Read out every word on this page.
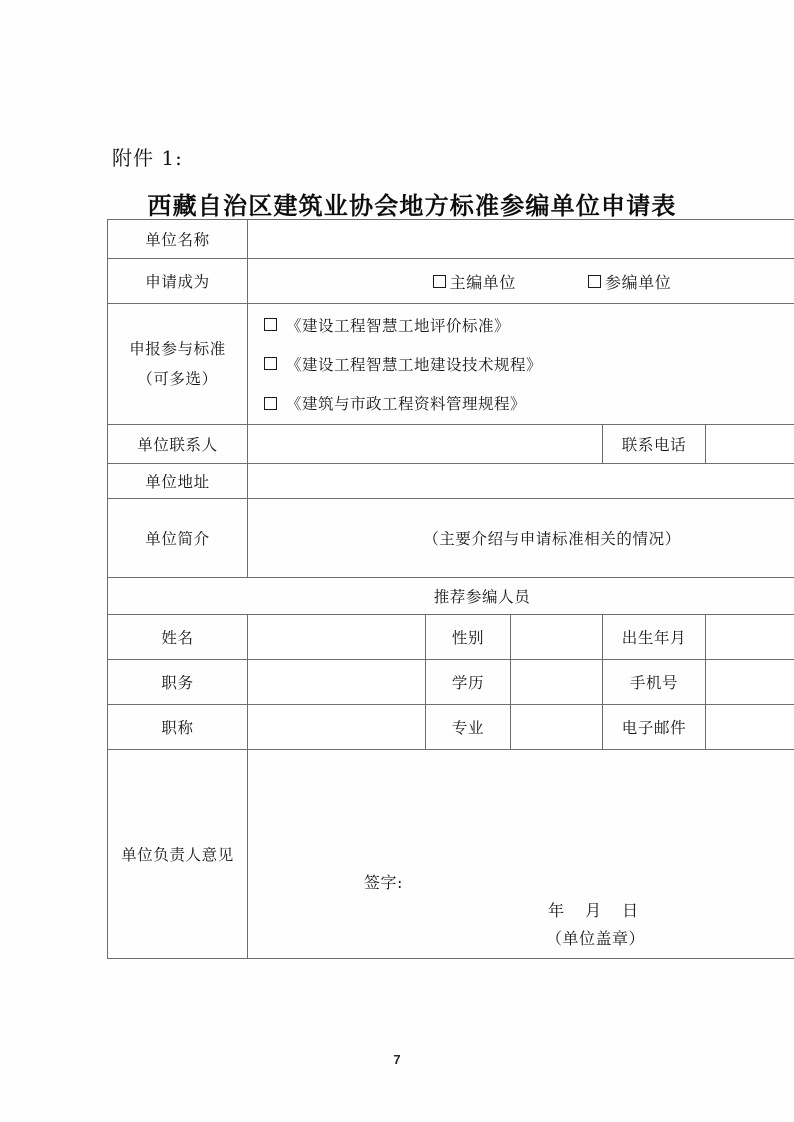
附件 1:
西藏自治区建筑业协会地方标准参编单位申请表
单位名称					
申请成为	主编单位 参编单位				

申报参与标准
（可多选）

《建设工程智慧工地评价标准》
《建设工程智慧工地建设技术规程》
《建筑与市政工程资料管理规程》

单位联系人				联系电话	
单位地址					
单位简介	（主要介绍与申请标准相关的情况）				
推荐参编人员					
姓名		性别		出生年月	
职务		学历		手机号	
职称		专业		电子邮件	
单位负责人意见	签字:
年 月 日
（单位盖章）				
7
